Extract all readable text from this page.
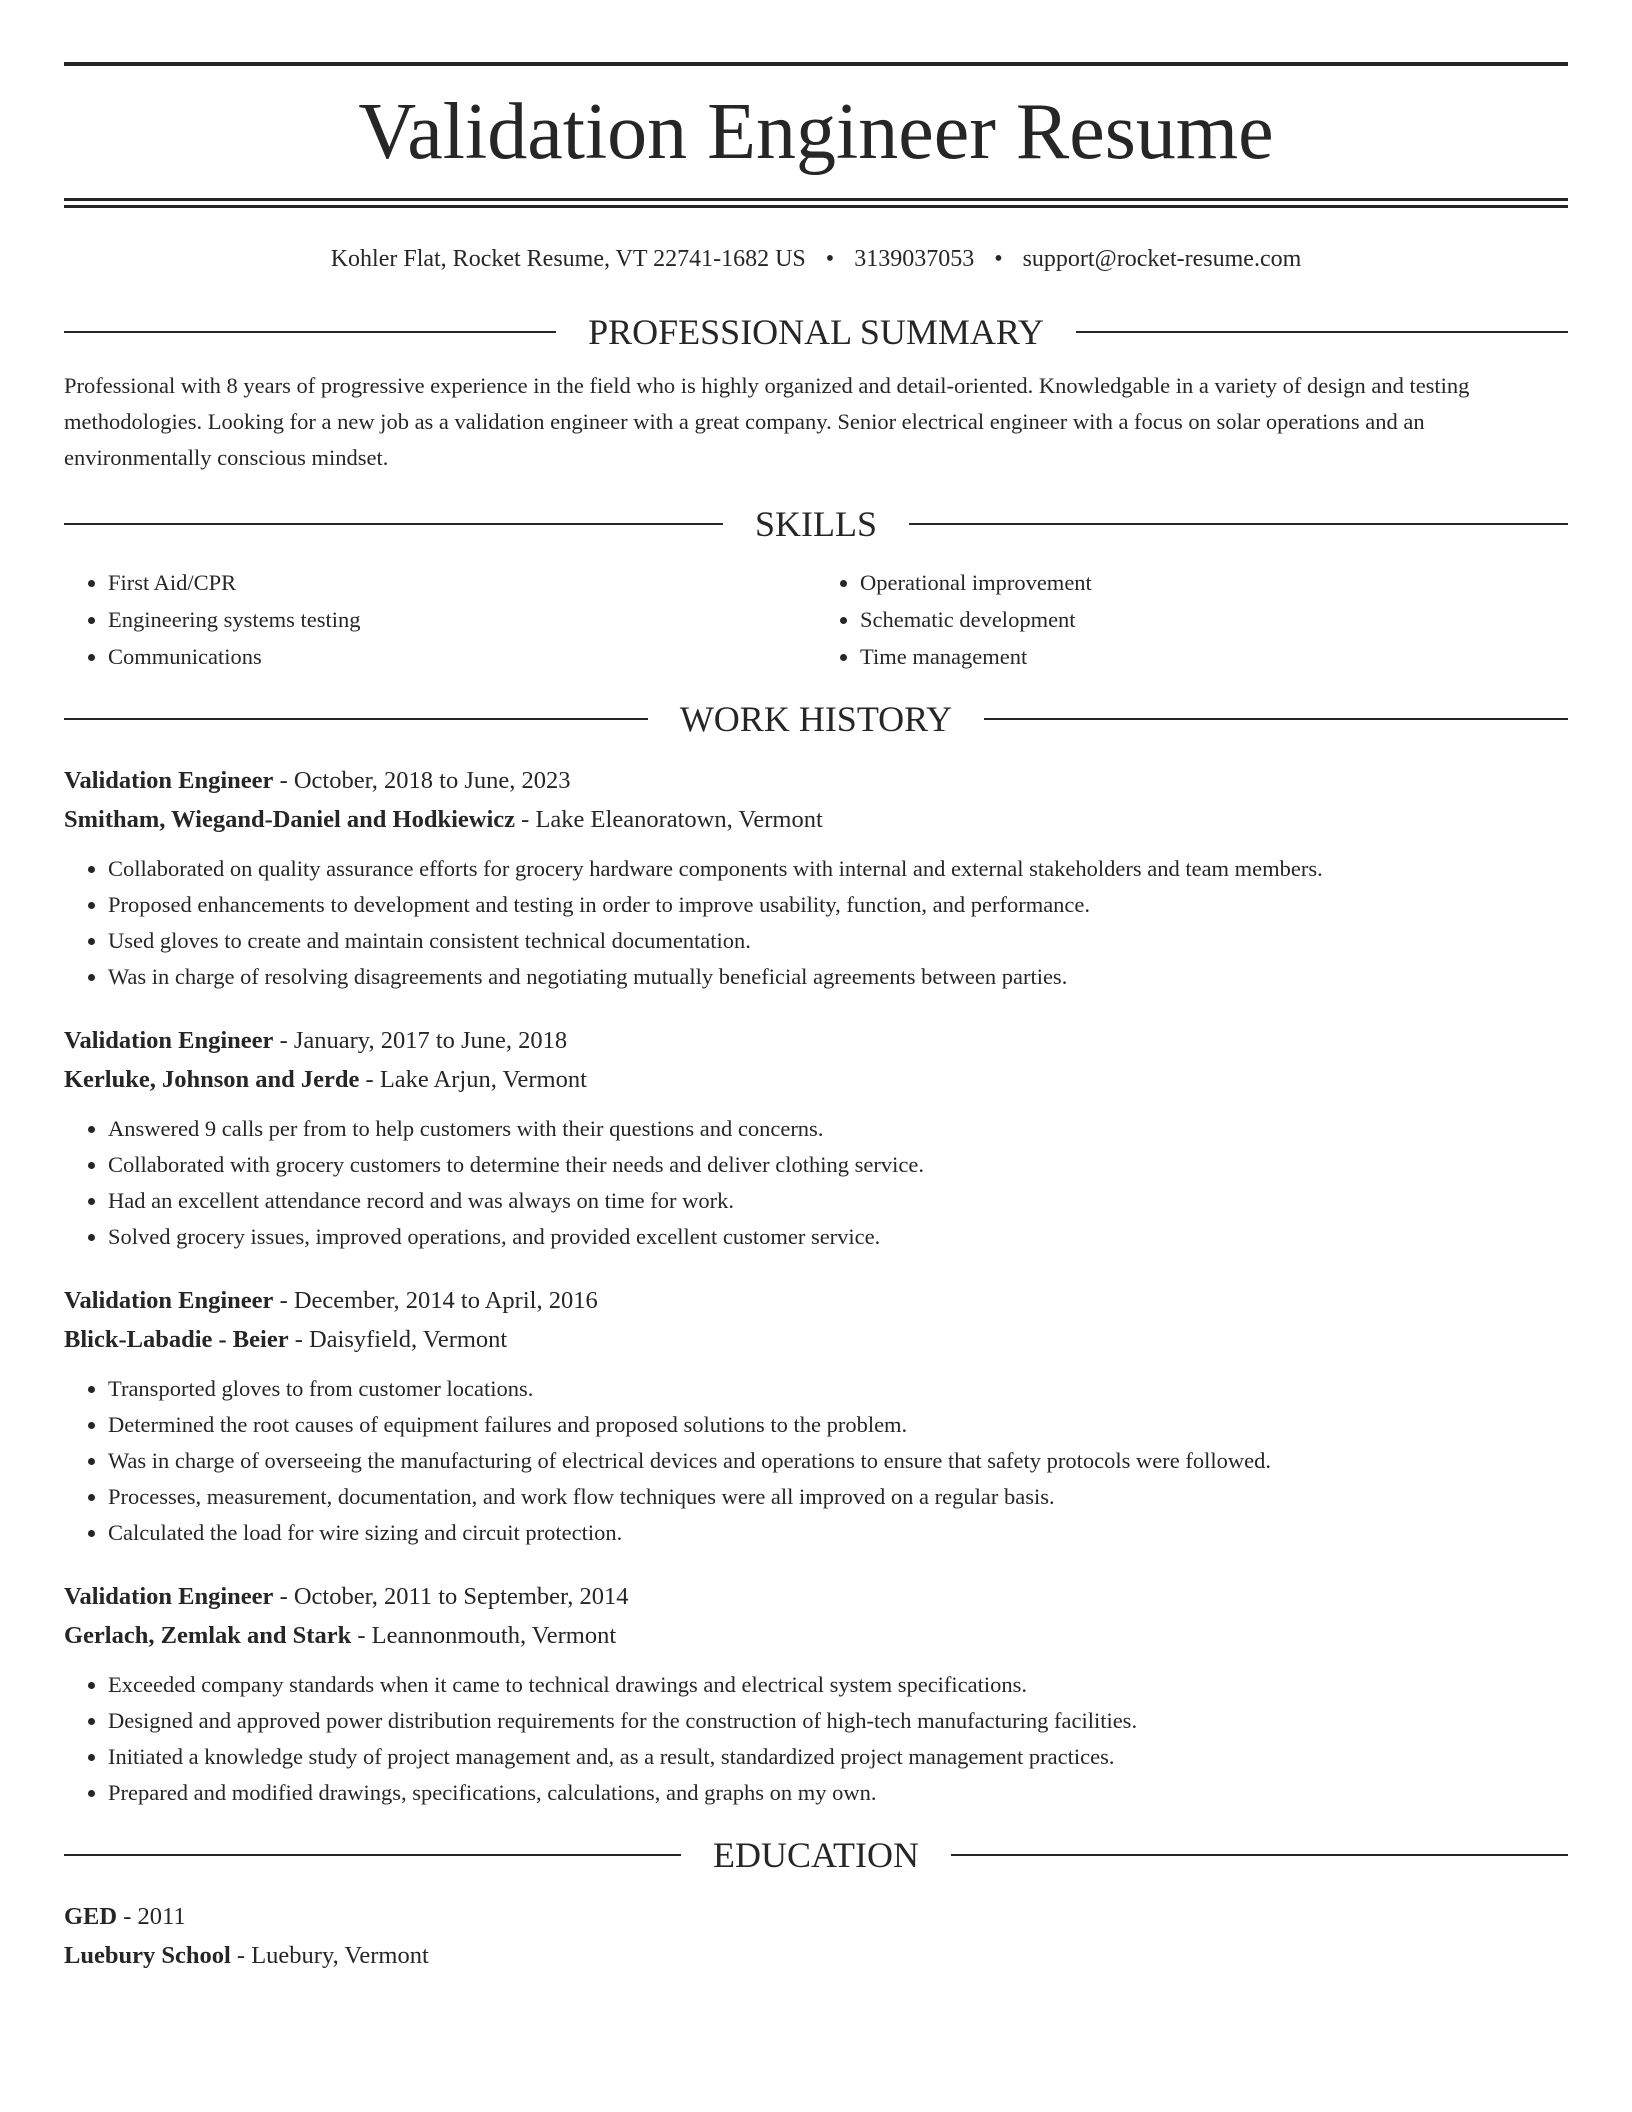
Validation Engineer Resume
Kohler Flat, Rocket Resume, VT 22741-1682 US • 3139037053 • support@rocket-resume.com
PROFESSIONAL SUMMARY
Professional with 8 years of progressive experience in the field who is highly organized and detail-oriented. Knowledgable in a variety of design and testing methodologies. Looking for a new job as a validation engineer with a great company. Senior electrical engineer with a focus on solar operations and an environmentally conscious mindset.
SKILLS
• First Aid/CPR
• Engineering systems testing
• Communications
• Operational improvement
• Schematic development
• Time management
WORK HISTORY
Validation Engineer - October, 2018 to June, 2023
Smitham, Wiegand-Daniel and Hodkiewicz - Lake Eleanoratown, Vermont
• Collaborated on quality assurance efforts for grocery hardware components with internal and external stakeholders and team members.
• Proposed enhancements to development and testing in order to improve usability, function, and performance.
• Used gloves to create and maintain consistent technical documentation.
• Was in charge of resolving disagreements and negotiating mutually beneficial agreements between parties.
Validation Engineer - January, 2017 to June, 2018
Kerluke, Johnson and Jerde - Lake Arjun, Vermont
• Answered 9 calls per from to help customers with their questions and concerns.
• Collaborated with grocery customers to determine their needs and deliver clothing service.
• Had an excellent attendance record and was always on time for work.
• Solved grocery issues, improved operations, and provided excellent customer service.
Validation Engineer - December, 2014 to April, 2016
Blick-Labadie - Beier - Daisyfield, Vermont
• Transported gloves to from customer locations.
• Determined the root causes of equipment failures and proposed solutions to the problem.
• Was in charge of overseeing the manufacturing of electrical devices and operations to ensure that safety protocols were followed.
• Processes, measurement, documentation, and work flow techniques were all improved on a regular basis.
• Calculated the load for wire sizing and circuit protection.
Validation Engineer - October, 2011 to September, 2014
Gerlach, Zemlak and Stark - Leannonmouth, Vermont
• Exceeded company standards when it came to technical drawings and electrical system specifications.
• Designed and approved power distribution requirements for the construction of high-tech manufacturing facilities.
• Initiated a knowledge study of project management and, as a result, standardized project management practices.
• Prepared and modified drawings, specifications, calculations, and graphs on my own.
EDUCATION
GED - 2011
Luebury School - Luebury, Vermont
